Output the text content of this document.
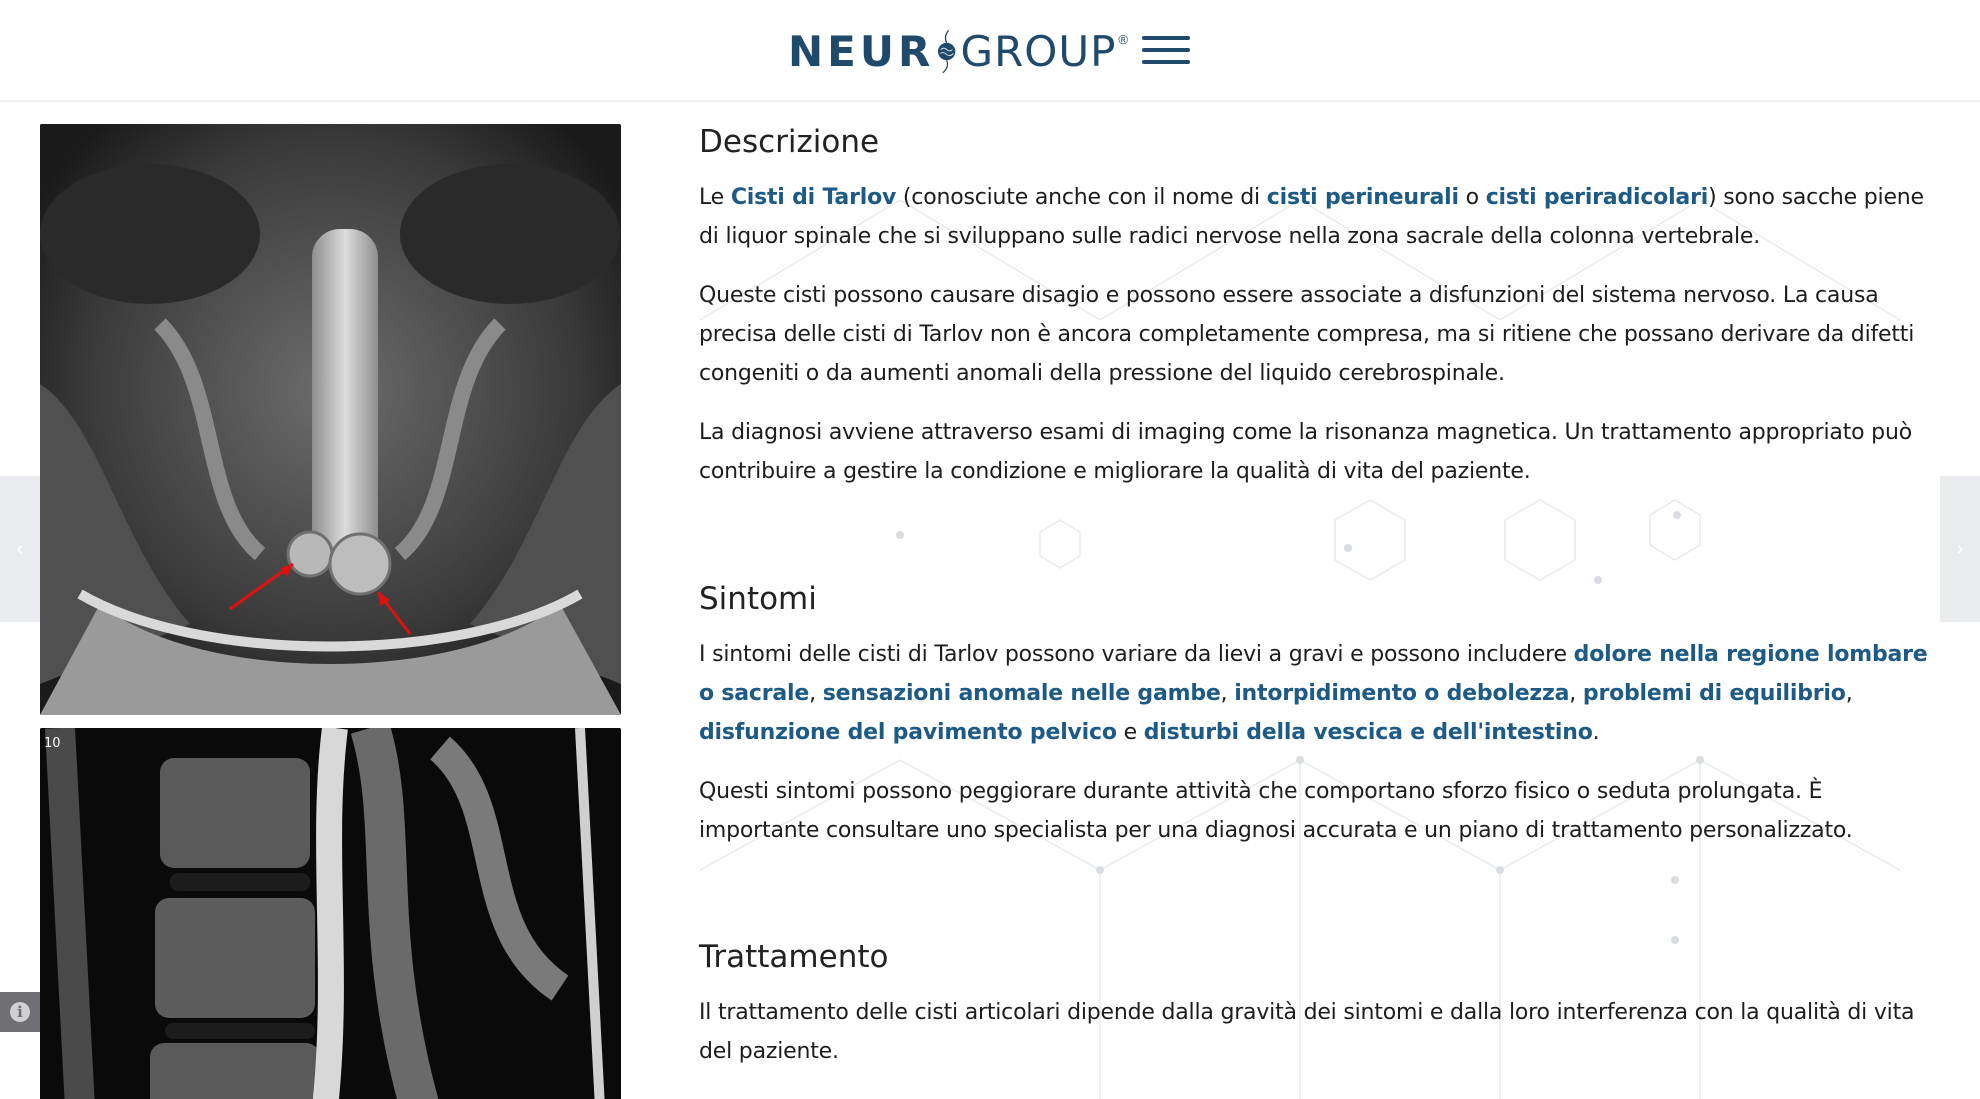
NEUR GROUP ®
‹	›
i
10
Descrizione

Le Cisti di Tarlov (conosciute anche con il nome di cisti perineurali o cisti periradicolari) sono sacche piene di liquor spinale che si sviluppano sulle radici nervose nella zona sacrale della colonna vertebrale.

Queste cisti possono causare disagio e possono essere associate a disfunzioni del sistema nervoso. La causa precisa delle cisti di Tarlov non è ancora completamente compresa, ma si ritiene che possano derivare da difetti congeniti o da aumenti anomali della pressione del liquido cerebrospinale.

La diagnosi avviene attraverso esami di imaging come la risonanza magnetica. Un trattamento appropriato può contribuire a gestire la condizione e migliorare la qualità di vita del paziente.

Sintomi

I sintomi delle cisti di Tarlov possono variare da lievi a gravi e possono includere dolore nella regione lombare o sacrale, sensazioni anomale nelle gambe, intorpidimento o debolezza, problemi di equilibrio, disfunzione del pavimento pelvico e disturbi della vescica e dell'intestino.

Questi sintomi possono peggiorare durante attività che comportano sforzo fisico o seduta prolungata. È importante consultare uno specialista per una diagnosi accurata e un piano di trattamento personalizzato.

Trattamento

Il trattamento delle cisti articolari dipende dalla gravità dei sintomi e dalla loro interferenza con la qualità di vita del paziente.
